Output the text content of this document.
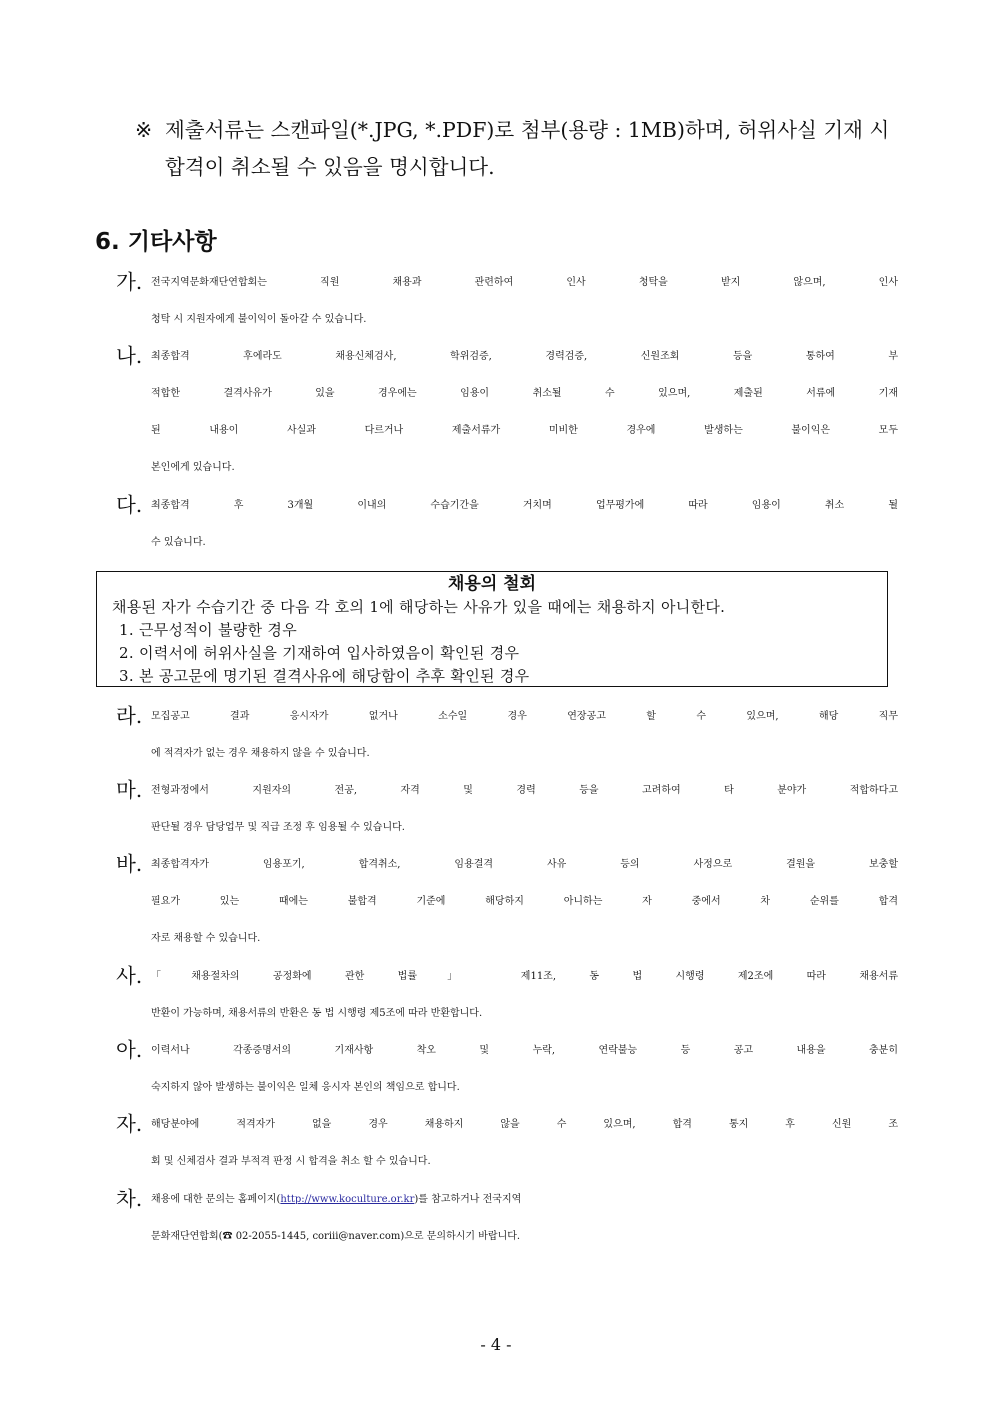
※ 제출서류는 스캔파일(*.JPG, *.PDF)로 첨부(용량 : 1MB)하며, 허위사실 기재 시
합격이 취소될 수 있음을 명시합니다.
6. 기타사항
가. 전국지역문화재단연합회는 직원 채용과 관련하여 인사 청탁을 받지 않으며, 인사
청탁 시 지원자에게 불이익이 돌아갈 수 있습니다.
나. 최종합격 후에라도 채용신체검사, 학위검증, 경력검증, 신원조회 등을 통하여 부
적합한 결격사유가 있을 경우에는 임용이 취소될 수 있으며, 제출된 서류에 기재
된 내용이 사실과 다르거나 제출서류가 미비한 경우에 발생하는 불이익은 모두
본인에게 있습니다.
다. 최종합격 후 3개월 이내의 수습기간을 거치며 업무평가에 따라 임용이 취소 될
수 있습니다.
채용의 철회
채용된 자가 수습기간 중 다음 각 호의 1에 해당하는 사유가 있을 때에는 채용하지 아니한다.
1. 근무성적이 불량한 경우
2. 이력서에 허위사실을 기재하여 입사하였음이 확인된 경우
3. 본 공고문에 명기된 결격사유에 해당함이 추후 확인된 경우
라. 모집공고 결과 응시자가 없거나 소수일 경우 연장공고 할 수 있으며, 해당 직무
에 적격자가 없는 경우 채용하지 않을 수 있습니다.
마. 전형과정에서 지원자의 전공, 자격 및 경력 등을 고려하여 타 분야가 적합하다고
판단될 경우 담당업무 및 직급 조정 후 임용될 수 있습니다.
바. 최종합격자가 임용포기, 합격취소, 임용결격 사유 등의 사정으로 결원을 보충할
필요가 있는 때에는 불합격 기준에 해당하지 아니하는 자 중에서 차 순위를 합격
자로 채용할 수 있습니다.
사. 「채용절차의 공정화에 관한 법률」 제11조, 동 법 시행령 제2조에 따라 채용서류
반환이 가능하며, 채용서류의 반환은 동 법 시행령 제5조에 따라 반환합니다.
아. 이력서나 각종증명서의 기재사항 착오 및 누락, 연락불능 등 공고 내용을 충분히
숙지하지 않아 발생하는 불이익은 일체 응시자 본인의 책임으로 합니다.
자. 해당분야에 적격자가 없을 경우 채용하지 않을 수 있으며, 합격 통지 후 신원 조
회 및 신체검사 결과 부적격 판정 시 합격을 취소 할 수 있습니다.
차. 채용에 대한 문의는 홈페이지( http://www.koculture.or.kr )를 참고하거나 전국지역
문화재단연합회(☎ 02-2055-1445, coriii@naver.com)으로 문의하시기 바랍니다.
- 4 -
